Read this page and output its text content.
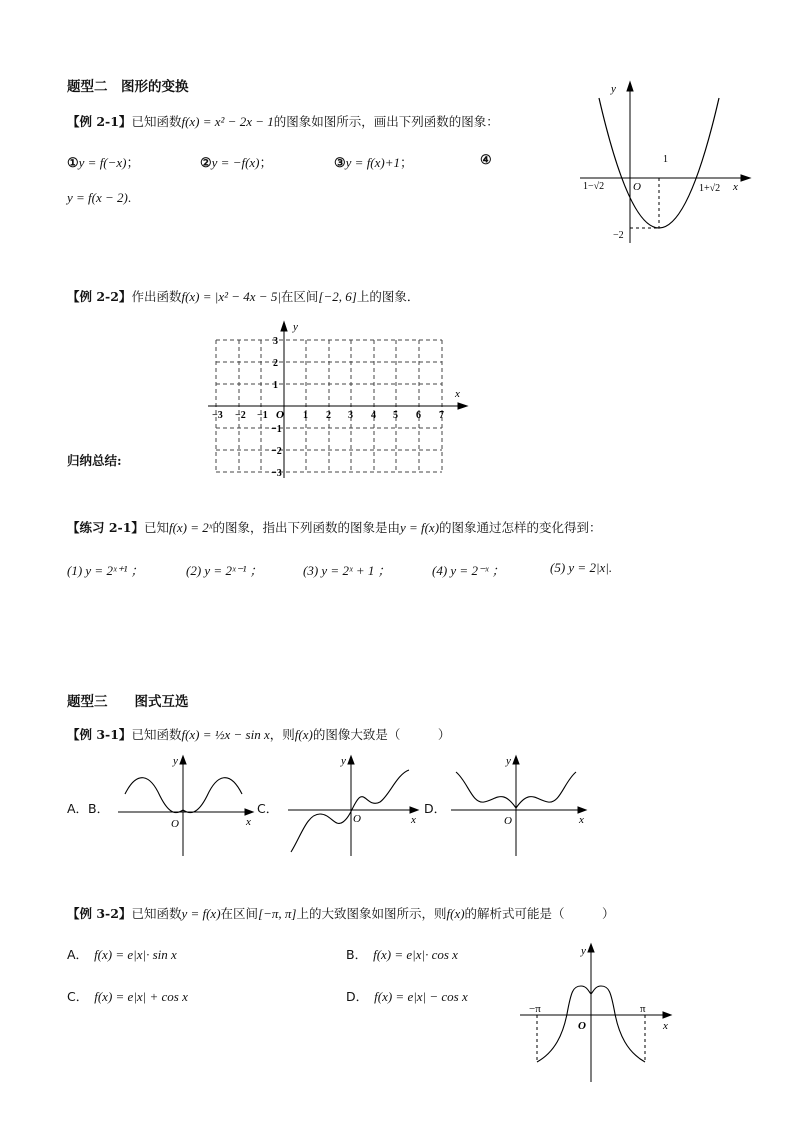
题型二　图形的变换
【例 2-1】已知函数f(x) = x² − 2x − 1的图象如图所示，画出下列函数的图象：
①y = f(−x)；	②y = −f(x)；	③y = f(x)+1；	④
y = f(x − 2).
y
x
O
1−√2	1+√2
1
−2
【例 2-2】作出函数f(x) = |x² − 4x − 5|在区间[−2, 6]上的图象．
y
x
O
−3 −2 −1	1 2 3 4 5 6 7
3
2
1
−1
−2
−3
归纳总结:
【练习 2-1】已知f(x) = 2ˣ的图象，指出下列函数的图象是由y = f(x)的图象通过怎样的变化得到：
(1) y = 2ˣ⁺¹ ；	(2) y = 2ˣ⁻¹ ；	(3) y = 2ˣ + 1 ；	(4) y = 2⁻ˣ ；	(5) y = 2|x|.
题型三　　图式互选
【例 3-1】已知函数f(x) = ½x − sin x，则f(x)的图像大致是（　　　）
A．B．	C．	D．
y
x
O
y
x
O
y
x
O
【例 3-2】已知函数y = f(x)在区间[−π, π]上的大致图象如图所示，则f(x)的解析式可能是（　　　）
A． f(x) = e|x|· sin x	B． f(x) = e|x|· cos x
C． f(x) = e|x| + cos x	D． f(x) = e|x| − cos x
y
x
O
−π	π
